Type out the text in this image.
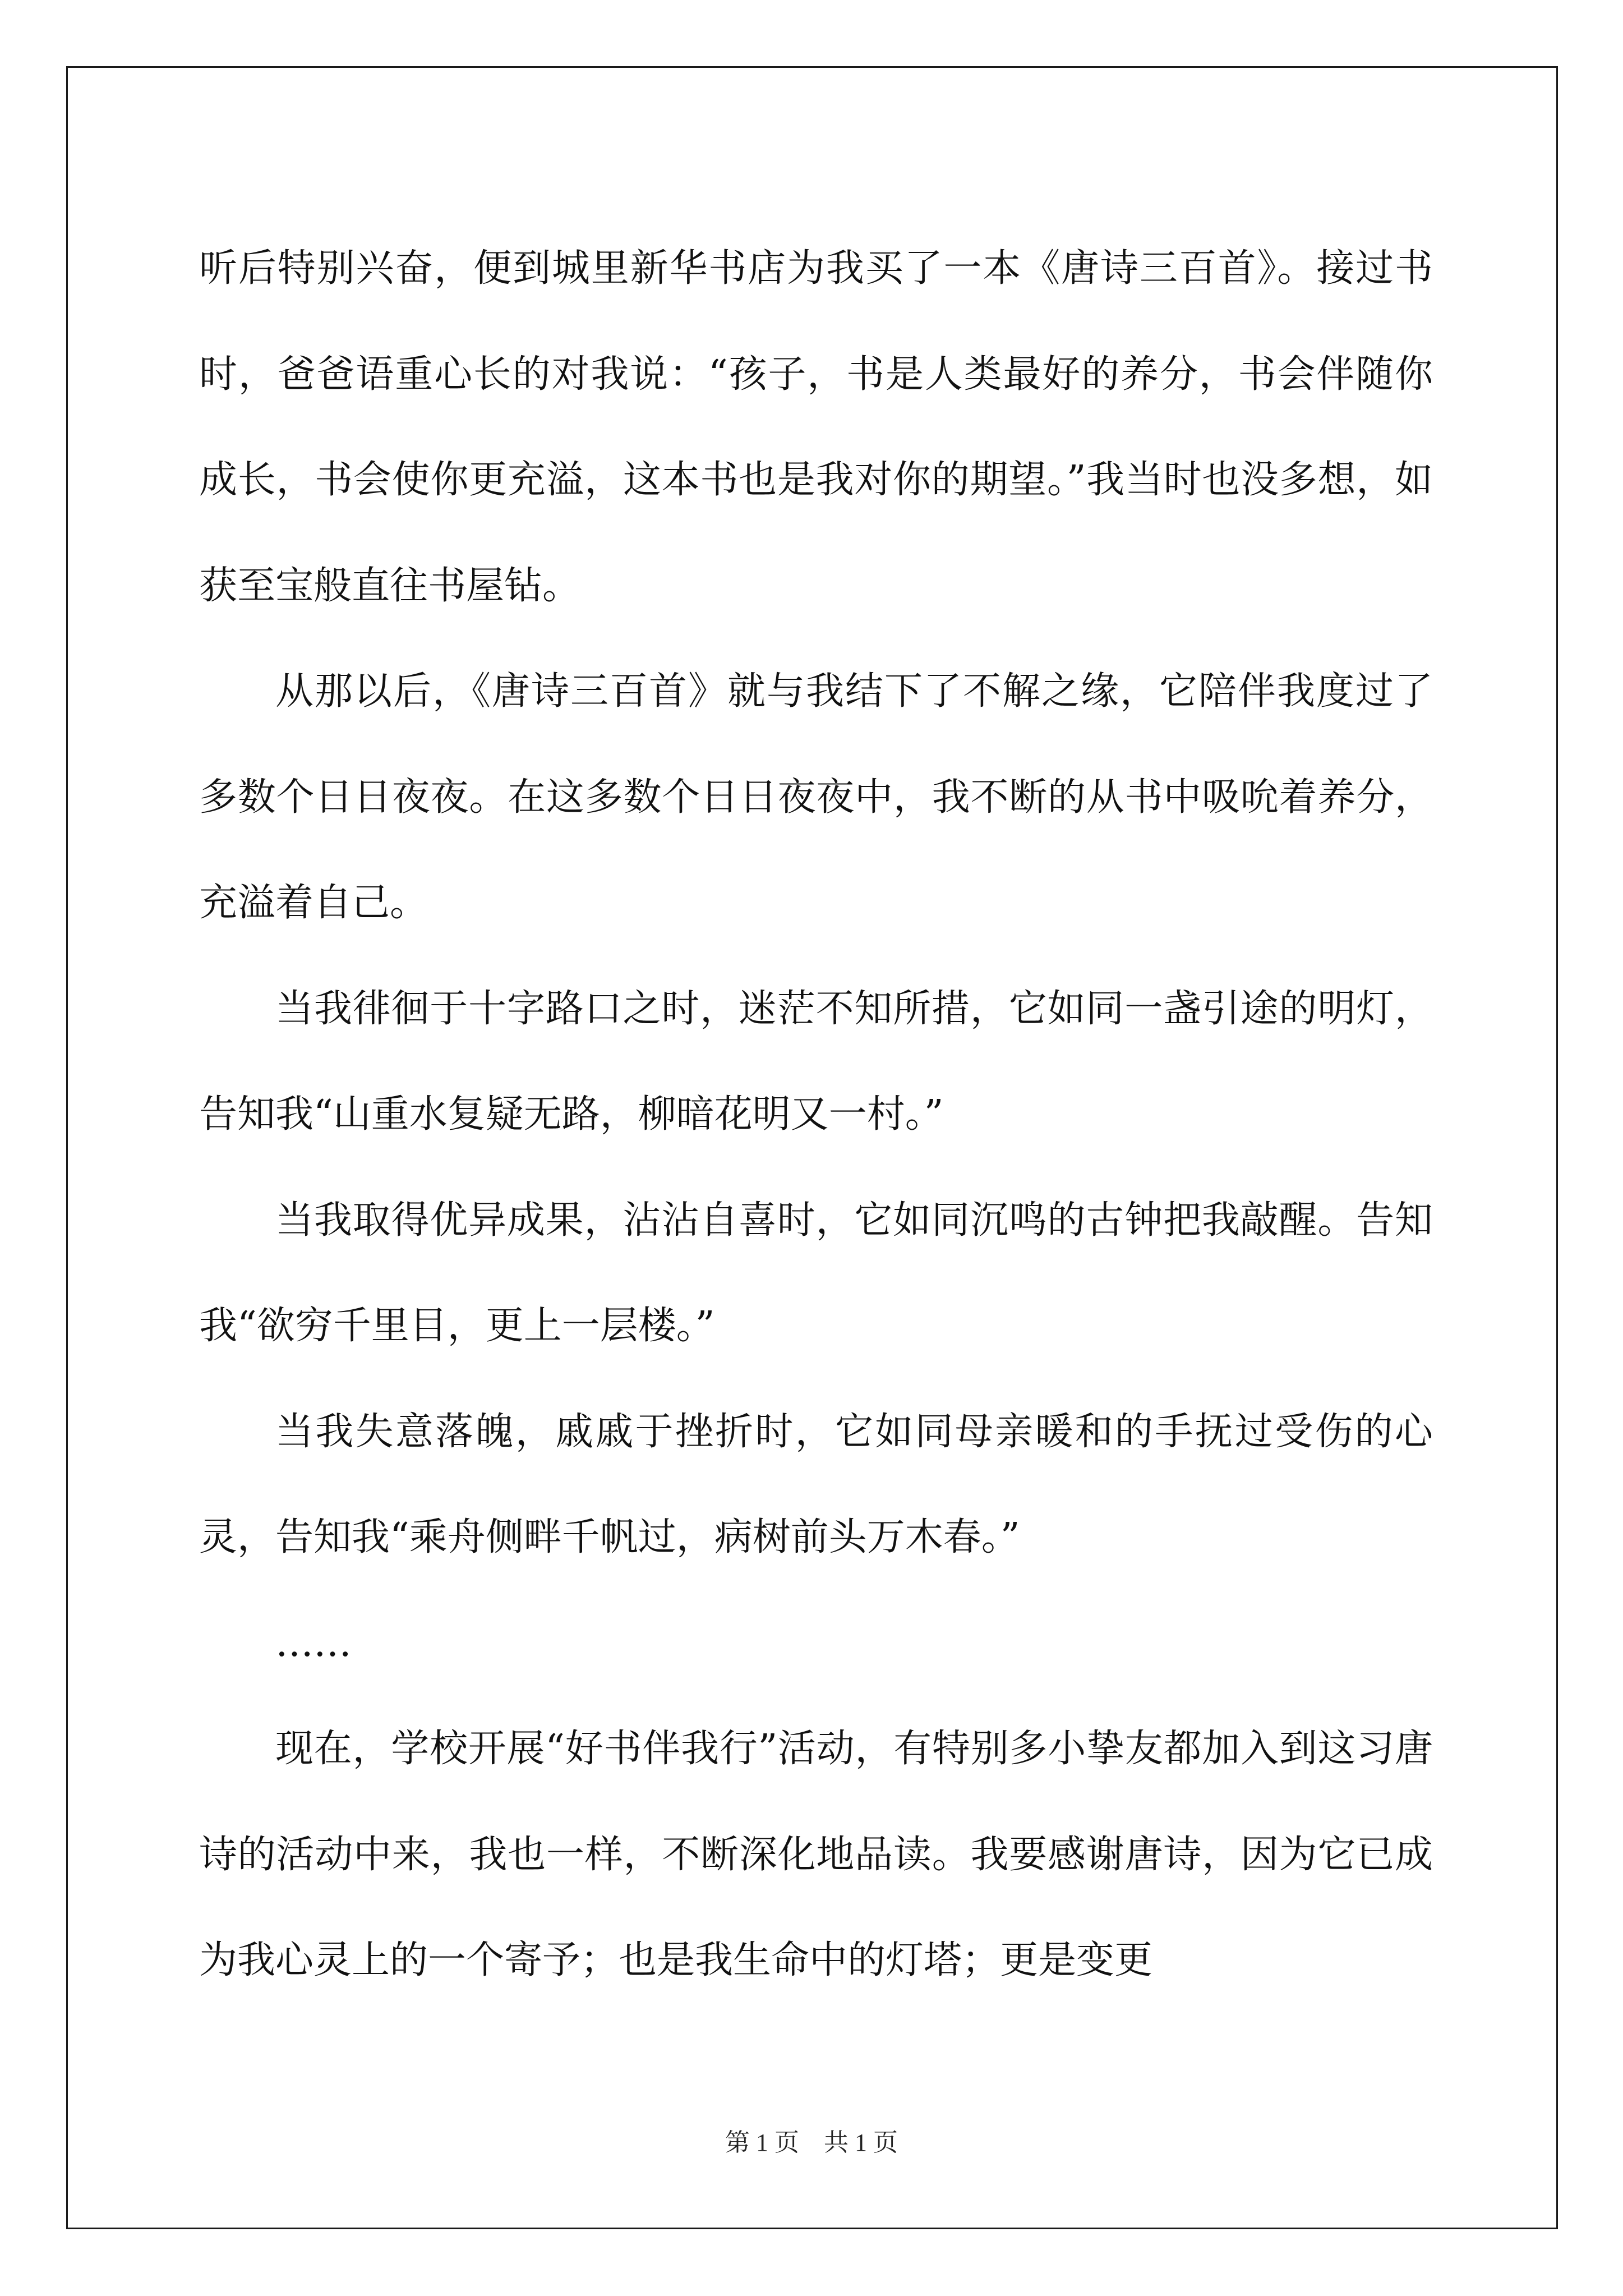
听后特别兴奋，便到城里新华书店为我买了一本《唐诗三百首》。接过书时，爸爸语重心长的对我说：“孩子，书是人类最好的养分，书会伴随你成长，书会使你更充溢，这本书也是我对你的期望。”我当时也没多想，如获至宝般直往书屋钻。

从那以后，《唐诗三百首》就与我结下了不解之缘，它陪伴我度过了多数个日日夜夜。在这多数个日日夜夜中，我不断的从书中吸吮着养分，充溢着自己。

当我徘徊于十字路口之时，迷茫不知所措，它如同一盏引途的明灯，告知我“山重水复疑无路，柳暗花明又一村。”

当我取得优异成果，沾沾自喜时，它如同沉鸣的古钟把我敲醒。告知我“欲穷千里目，更上一层楼。”

当我失意落魄，戚戚于挫折时，它如同母亲暖和的手抚过受伤的心灵，告知我“乘舟侧畔千帆过，病树前头万木春。”

……

现在，学校开展“好书伴我行”活动，有特别多小挚友都加入到这习唐诗的活动中来，我也一样，不断深化地品读。我要感谢唐诗，因为它已成为我心灵上的一个寄予；也是我生命中的灯塔；更是变更

第 1 页　共 1 页
